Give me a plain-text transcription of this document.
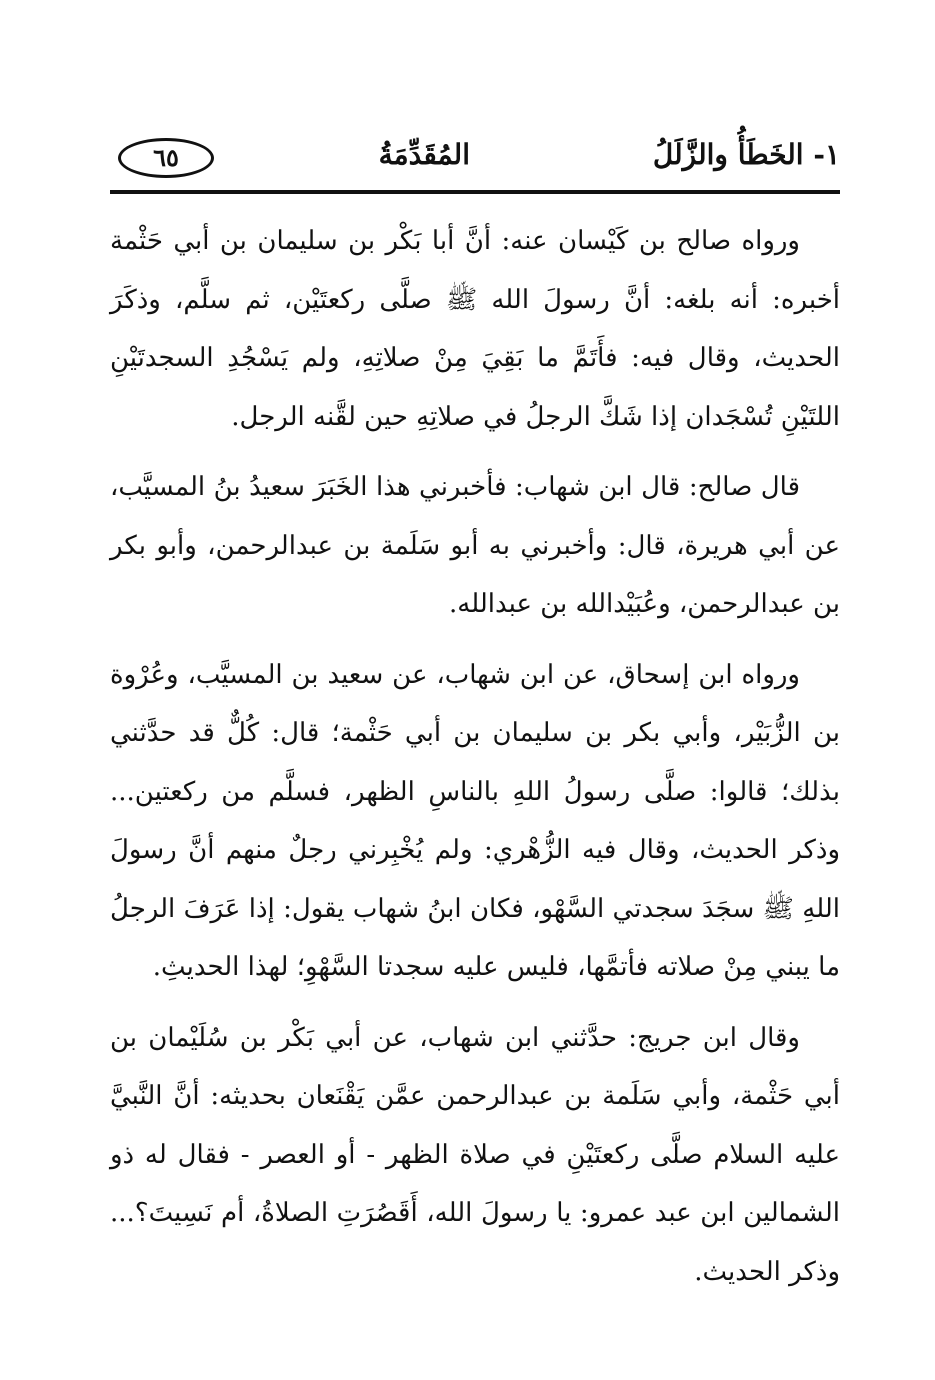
١- الخَطَأُ والزَّلَلُ
المُقَدِّمَةُ
٦٥

ورواه صالح بن كَيْسان عنه: أنَّ أبا بَكْر بن سليمان بن أبي حَثْمة أخبره: أنه بلغه: أنَّ رسولَ الله ﷺ صلَّى ركعتَيْن، ثم سلَّم، وذكَرَ الحديث، وقال فيه: فأَتَمَّ ما بَقِيَ مِنْ صلاتِهِ، ولم يَسْجُدِ السجدتَيْنِ اللتَيْنِ تُسْجَدان إذا شَكَّ الرجلُ في صلاتِهِ حين لقَّنه الرجل.

قال صالح: قال ابن شهاب: فأخبرني هذا الخَبَرَ سعيدُ بنُ المسيَّب، عن أبي هريرة، قال: وأخبرني به أبو سَلَمة بن عبدالرحمن، وأبو بكر بن عبدالرحمن، وعُبَيْدالله بن عبدالله.

ورواه ابن إسحاق، عن ابن شهاب، عن سعيد بن المسيَّب، وعُرْوة بن الزُّبَيْر، وأبي بكر بن سليمان بن أبي حَثْمة؛ قال: كُلٌّ قد حدَّثني بذلك؛ قالوا: صلَّى رسولُ اللهِ بالناسِ الظهر، فسلَّم من ركعتين... وذكر الحديث، وقال فيه الزُّهْري: ولم يُخْبِرني رجلٌ منهم أنَّ رسولَ اللهِ ﷺ سجَدَ سجدتي السَّهْو، فكان ابنُ شهاب يقول: إذا عَرَفَ الرجلُ ما يبني مِنْ صلاته فأتمَّها، فليس عليه سجدتا السَّهْوِ؛ لهذا الحديثِ.

وقال ابن جريج: حدَّثني ابن شهاب، عن أبي بَكْر بن سُلَيْمان بن أبي حَثْمة، وأبي سَلَمة بن عبدالرحمن عمَّن يَقْنَعان بحديثه: أنَّ النَّبيَّ عليه السلام صلَّى ركعتَيْنِ في صلاة الظهر - أو العصر - فقال له ذو الشمالين ابن عبد عمرو: يا رسولَ الله، أَقَصُرَتِ الصلاةُ، أم نَسِيتَ؟... وذكر الحديث.
